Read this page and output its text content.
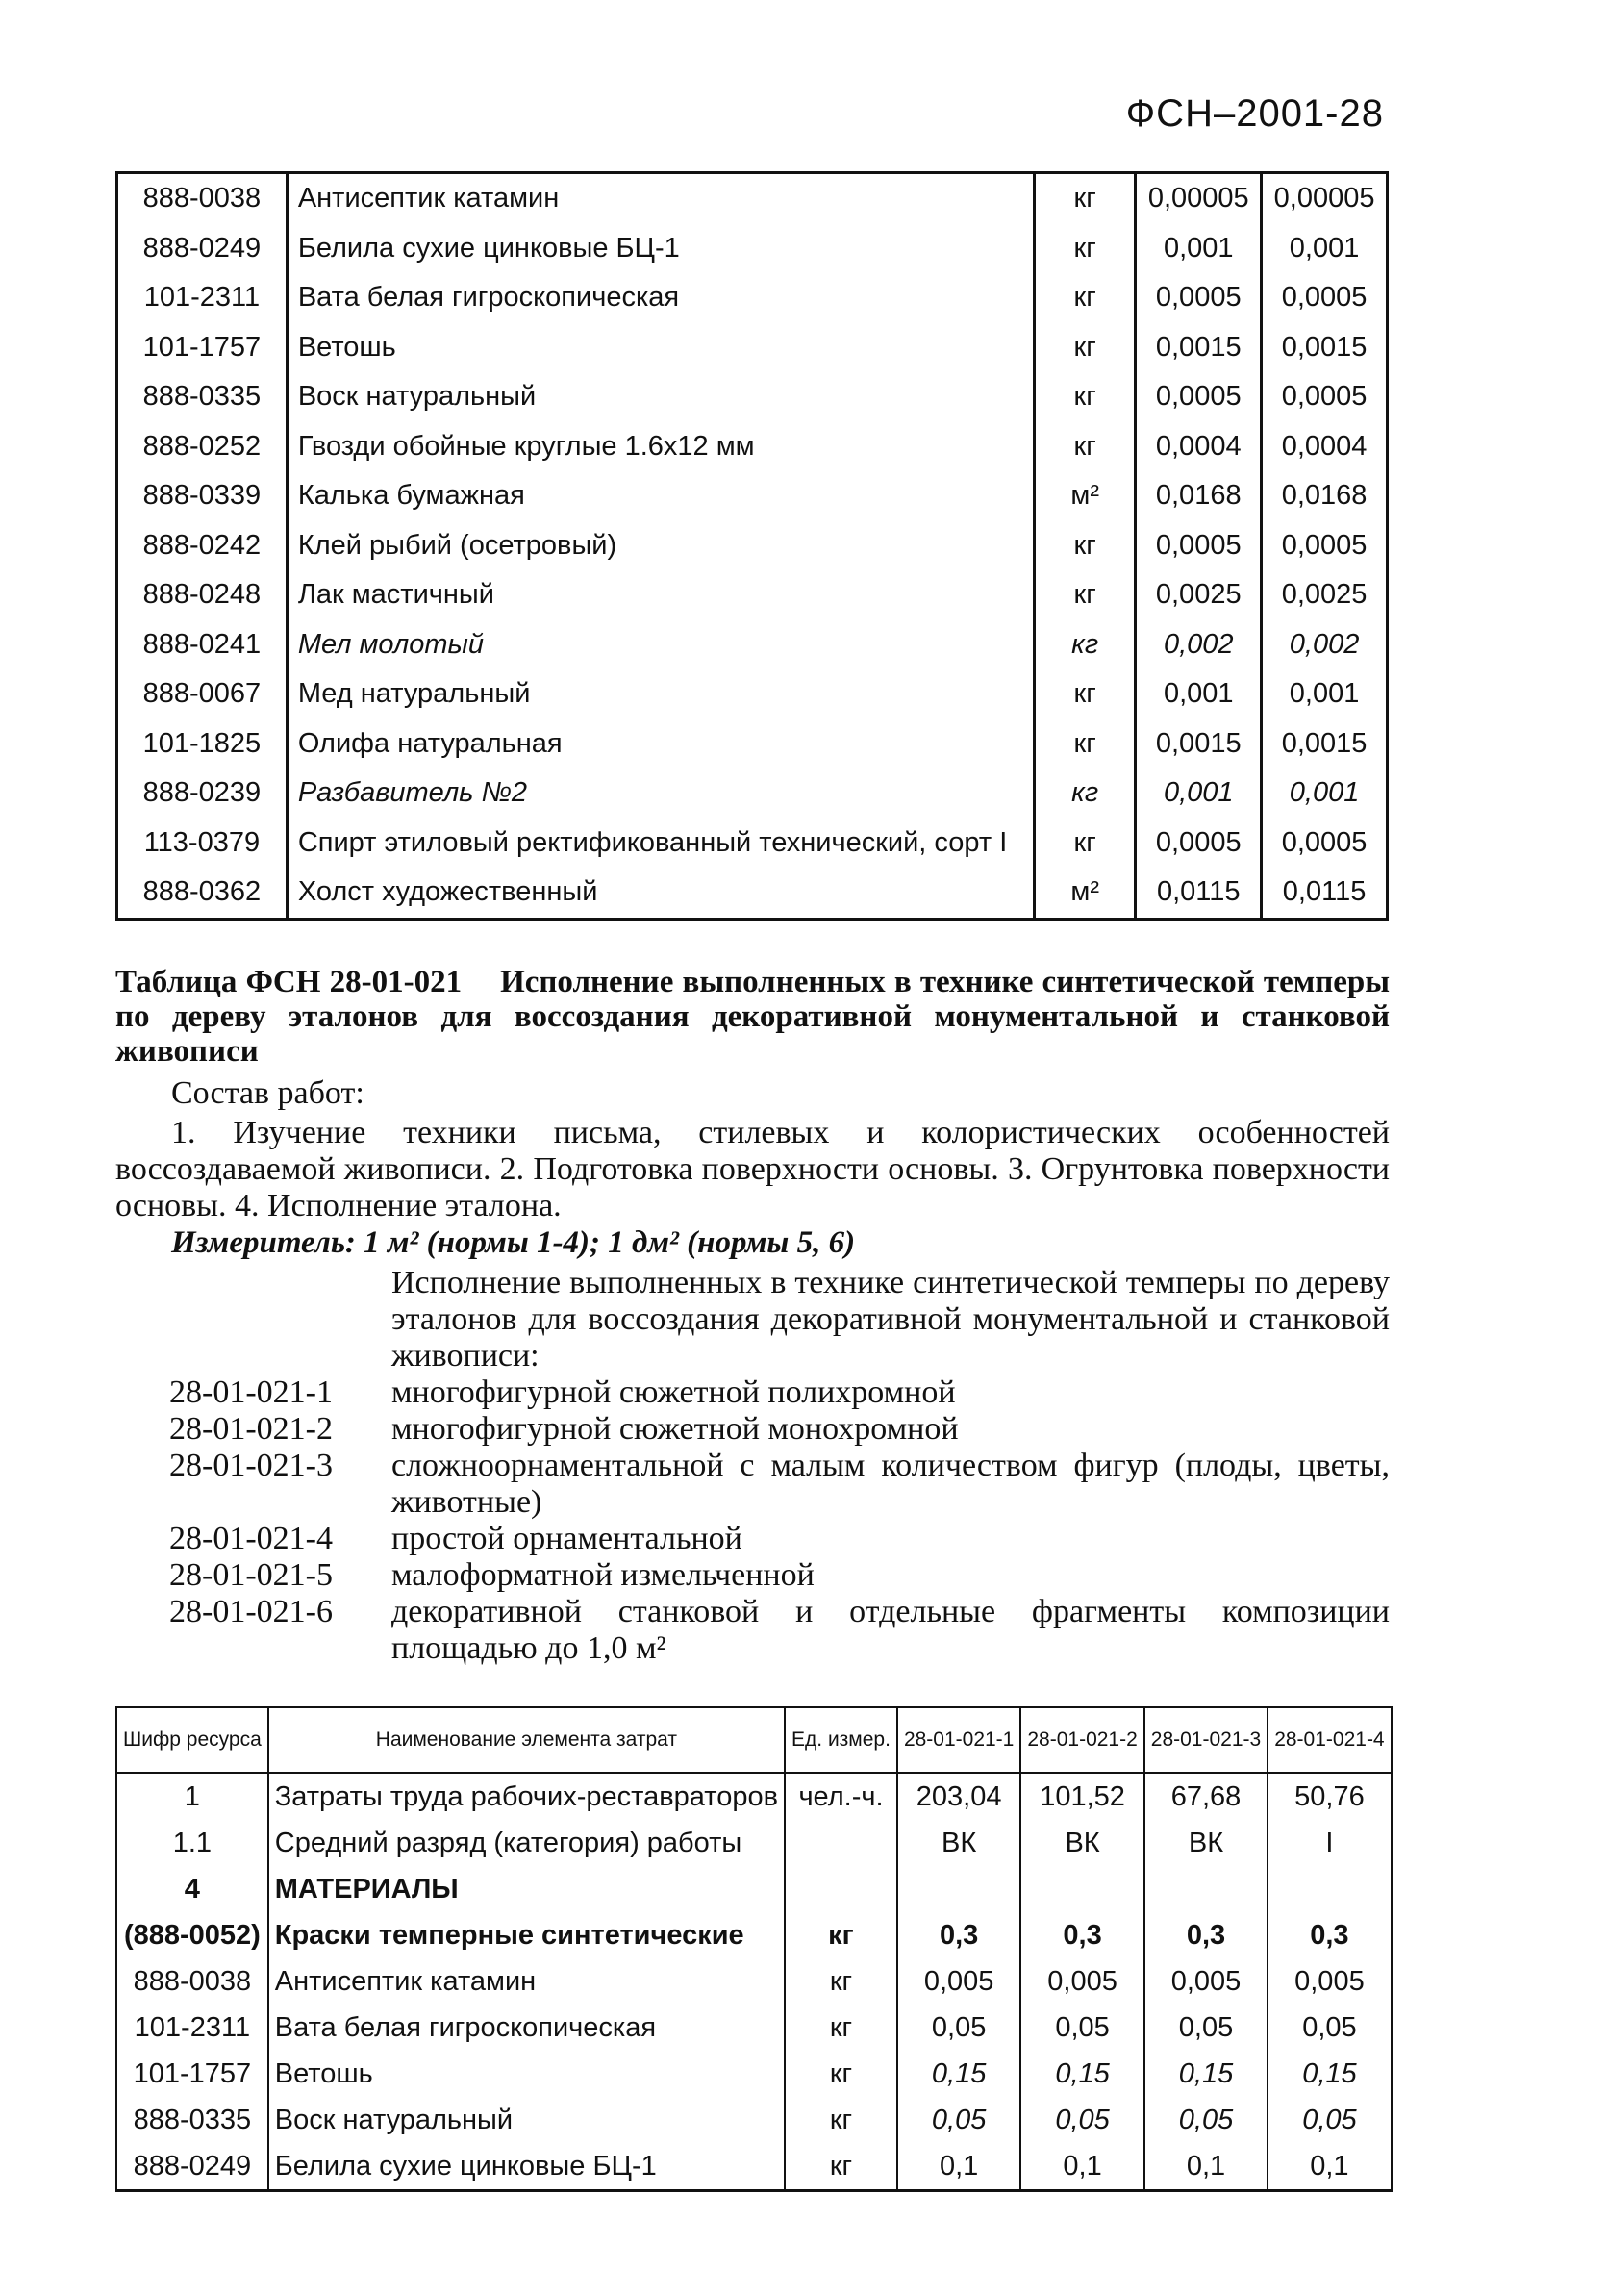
ФСН–2001-28
888-0038	Антисептик катамин	кг	0,00005	0,00005
888-0249	Белила сухие цинковые БЦ-1	кг	0,001	0,001
101-2311	Вата белая гигроскопическая	кг	0,0005	0,0005
101-1757	Ветошь	кг	0,0015	0,0015
888-0335	Воск натуральный	кг	0,0005	0,0005
888-0252	Гвозди обойные круглые 1.6х12 мм	кг	0,0004	0,0004
888-0339	Калька бумажная	м²	0,0168	0,0168
888-0242	Клей рыбий (осетровый)	кг	0,0005	0,0005
888-0248	Лак мастичный	кг	0,0025	0,0025
888-0241	Мел молотый	кг	0,002	0,002
888-0067	Мед натуральный	кг	0,001	0,001
101-1825	Олифа натуральная	кг	0,0015	0,0015
888-0239	Разбавитель №2	кг	0,001	0,001
113-0379	Спирт этиловый ректификованный технический, сорт I	кг	0,0005	0,0005
888-0362	Холст художественный	м²	0,0115	0,0115
Таблица ФСН 28-01-021 Исполнение выполненных в технике синтетической темперы по дереву эталонов для воссоздания декоративной монументальной и станковой живописи
Состав работ:
1. Изучение техники письма, стилевых и колористических особенностей воссоздаваемой живописи. 2. Подготовка поверхности основы. 3. Огрунтовка поверхности основы. 4. Исполнение эталона.
Измеритель: 1 м² (нормы 1-4); 1 дм² (нормы 5, 6)
Исполнение выполненных в технике синтетической темперы по дереву эталонов для воссоздания декоративной монументальной и станковой живописи:
28-01-021-1	многофигурной сюжетной полихромной
28-01-021-2	многофигурной сюжетной монохромной
28-01-021-3	сложноорнаментальной с малым количеством фигур (плоды, цветы, животные)
28-01-021-4	простой орнаментальной
28-01-021-5	малоформатной измельченной
28-01-021-6	декоративной станковой и отдельные фрагменты композиции площадью до 1,0 м²
Шифр ресурса	Наименование элемента затрат	Ед. измер.	28-01-021-1	28-01-021-2	28-01-021-3	28-01-021-4
1	Затраты труда рабочих-реставраторов	чел.-ч.	203,04	101,52	67,68	50,76
1.1	Средний разряд (категория) работы		ВК	ВК	ВК	I
4	МАТЕРИАЛЫ					
(888-0052)	Краски темперные синтетические	кг	0,3	0,3	0,3	0,3
888-0038	Антисептик катамин	кг	0,005	0,005	0,005	0,005
101-2311	Вата белая гигроскопическая	кг	0,05	0,05	0,05	0,05
101-1757	Ветошь	кг	0,15	0,15	0,15	0,15
888-0335	Воск натуральный	кг	0,05	0,05	0,05	0,05
888-0249	Белила сухие цинковые БЦ-1	кг	0,1	0,1	0,1	0,1
